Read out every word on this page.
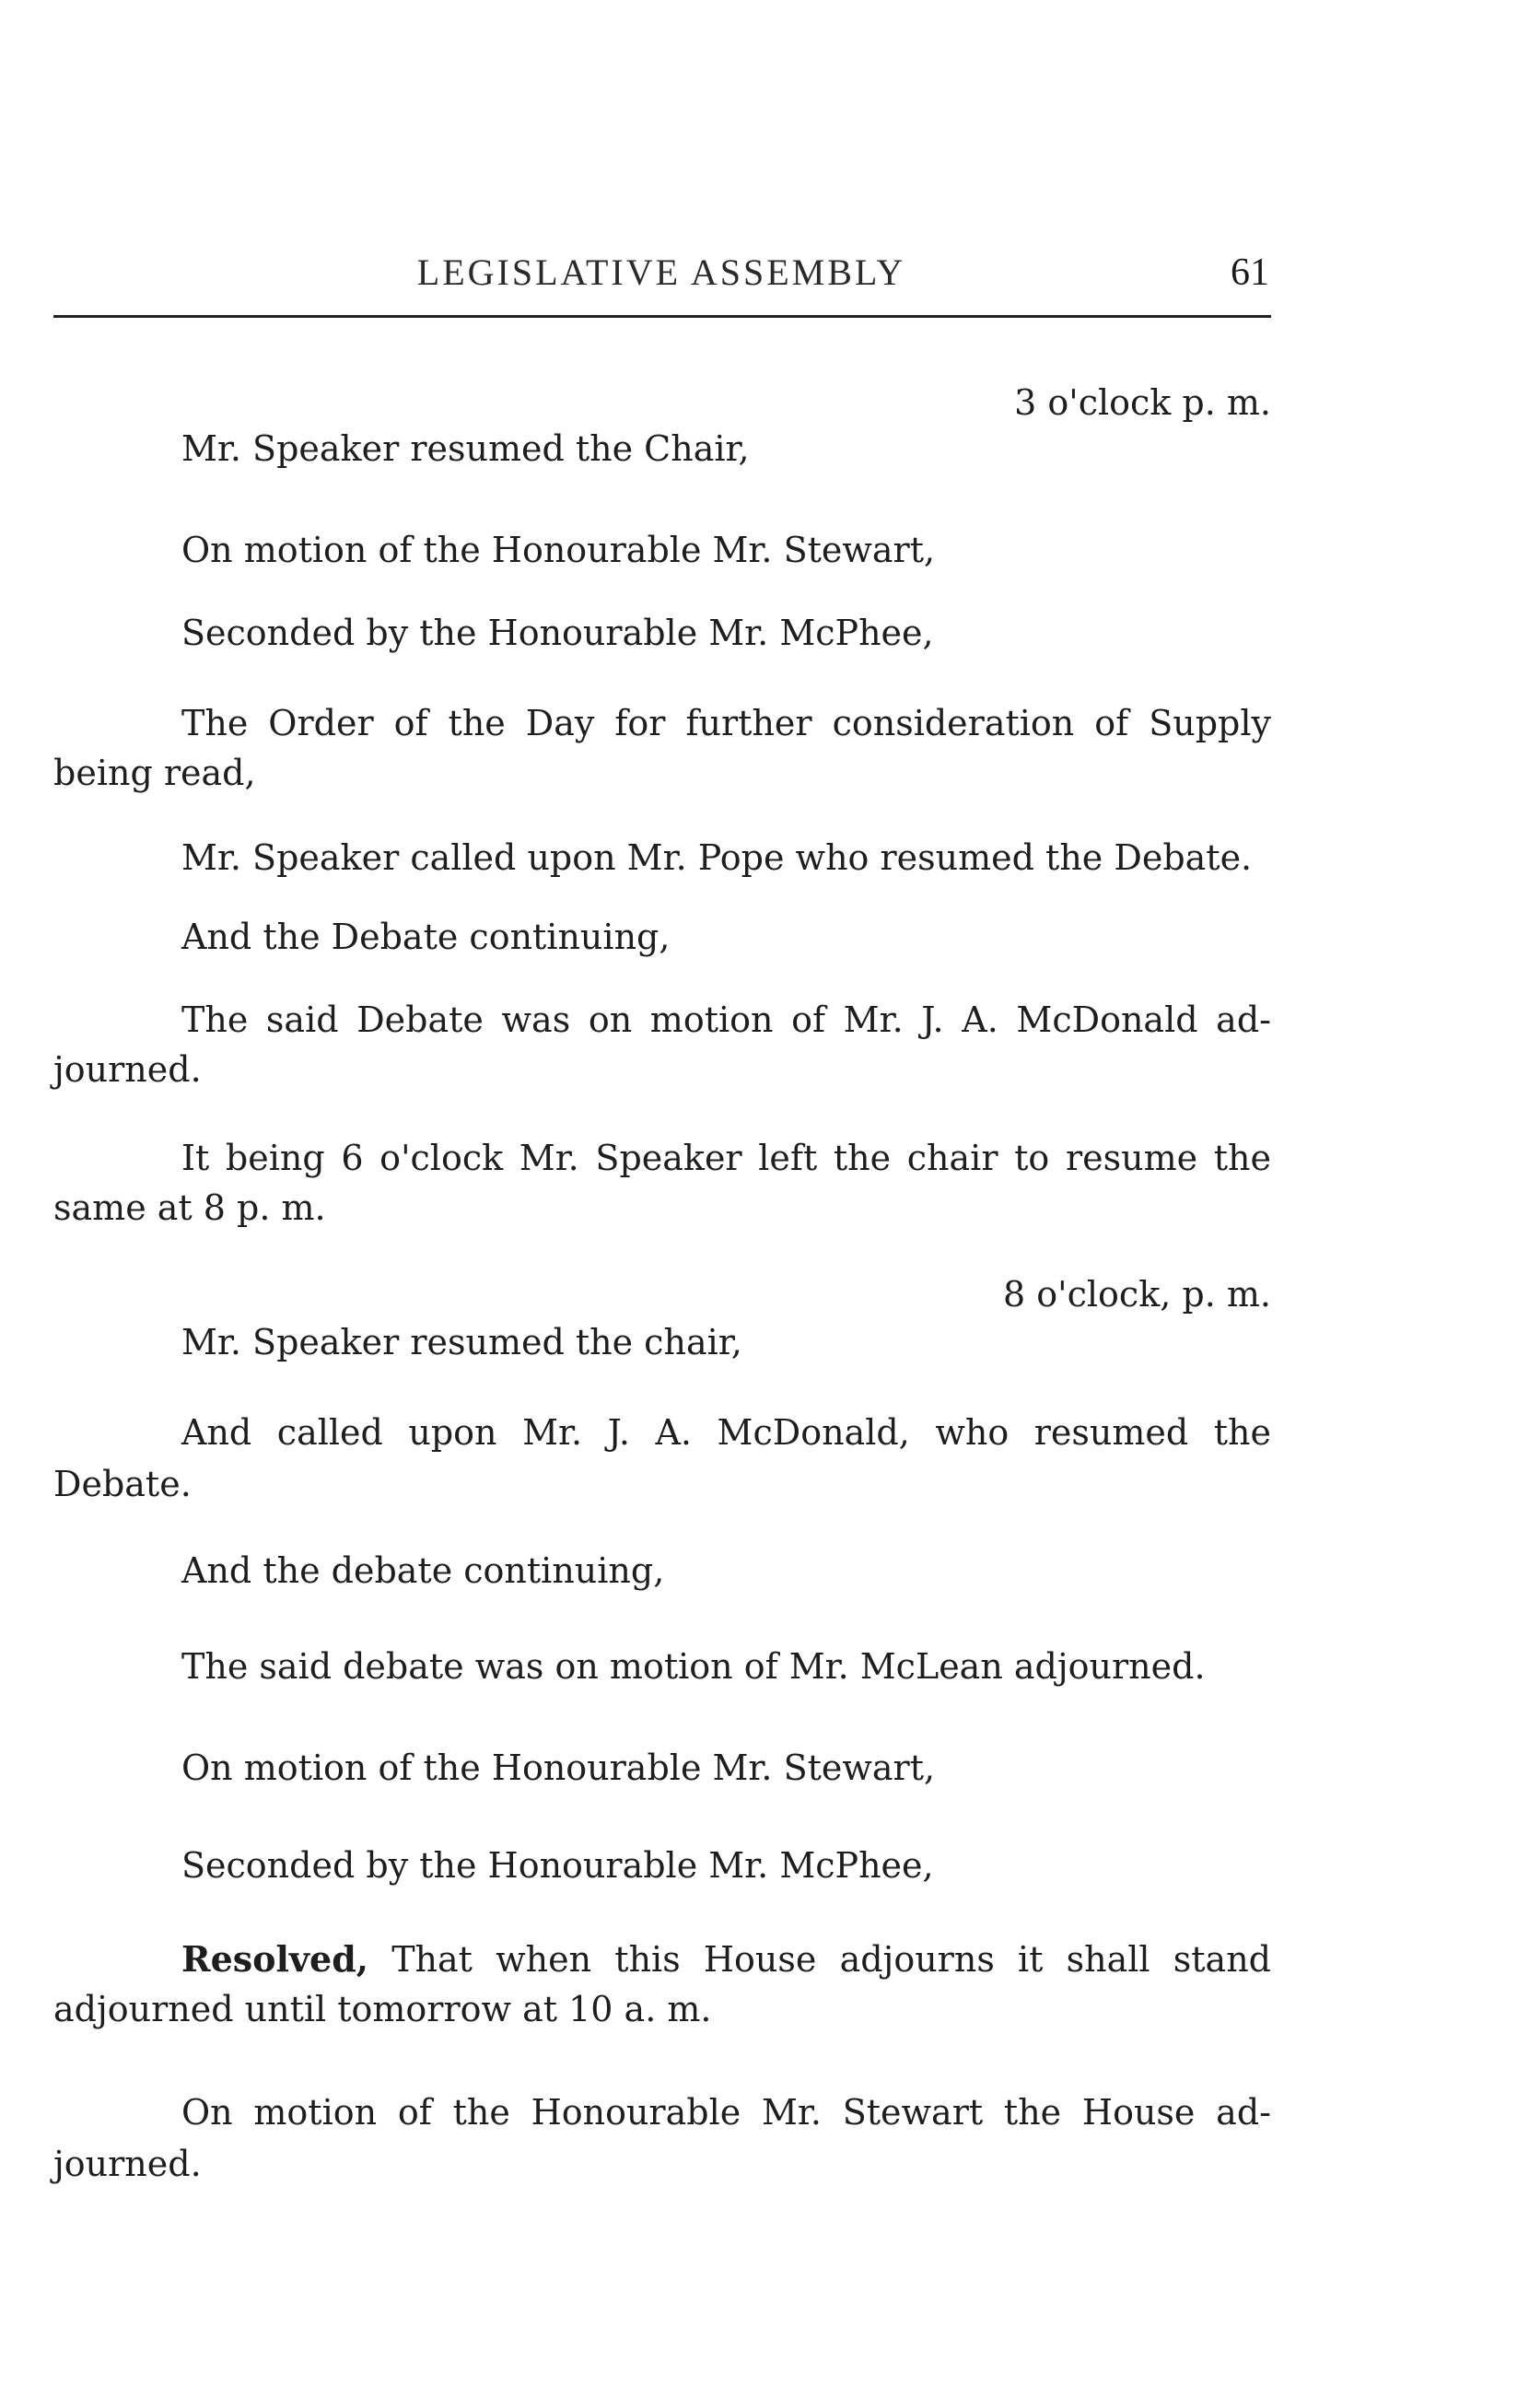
LEGISLATIVE ASSEMBLY	61
3 o'clock p. m.
Mr. Speaker resumed the Chair,
On motion of the Honourable Mr. Stewart,
Seconded by the Honourable Mr. McPhee,
The Order of the Day for further consideration of Supply
being read,
Mr. Speaker called upon Mr. Pope who resumed the Debate.
And the Debate continuing,
The said Debate was on motion of Mr. J. A. McDonald ad-
journed.
It being 6 o'clock Mr. Speaker left the chair to resume the
same at 8 p. m.
8 o'clock, p. m.
Mr. Speaker resumed the chair,
And called upon Mr. J. A. McDonald, who resumed the
Debate.
And the debate continuing,
The said debate was on motion of Mr. McLean adjourned.
On motion of the Honourable Mr. Stewart,
Seconded by the Honourable Mr. McPhee,
Resolved, That when this House adjourns it shall stand
adjourned until tomorrow at 10 a. m.
On motion of the Honourable Mr. Stewart the House ad-
journed.
